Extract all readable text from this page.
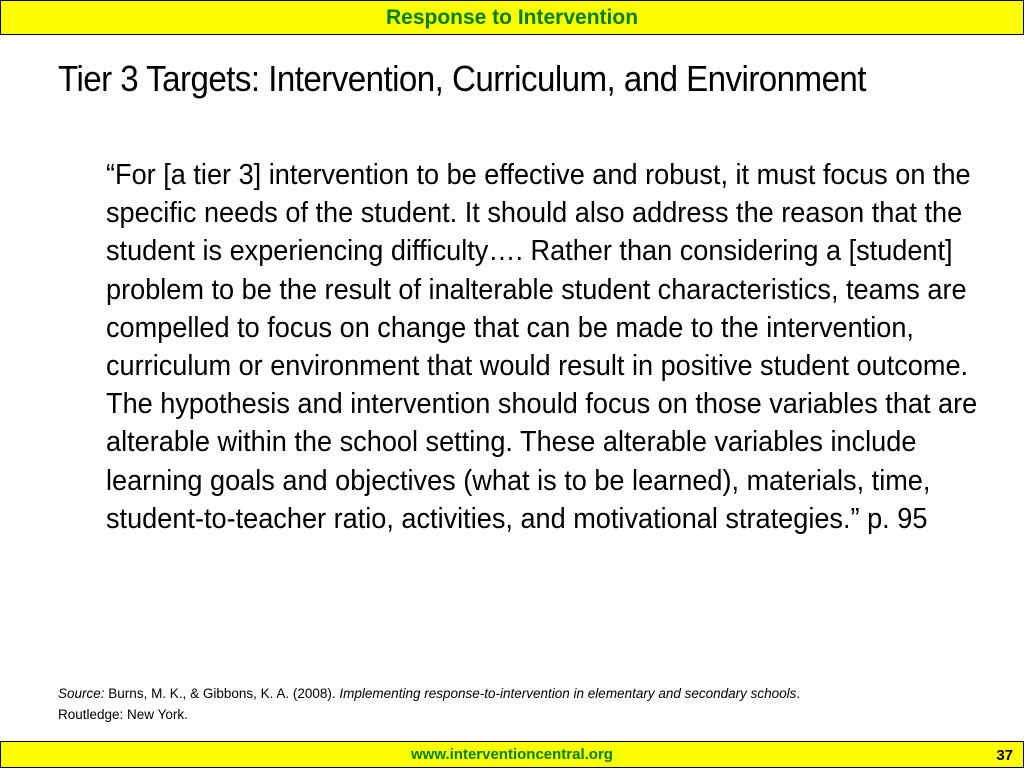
Response to Intervention
Tier 3 Targets: Intervention, Curriculum, and Environment

“For [a tier 3] intervention to be effective and robust, it must focus on the specific needs of the student. It should also address the reason that the student is experiencing difficulty…. Rather than considering a [student] problem to be the result of inalterable student characteristics, teams are compelled to focus on change that can be made to the intervention, curriculum or environment that would result in positive student outcome. The hypothesis and intervention should focus on those variables that are alterable within the school setting. These alterable variables include learning goals and objectives (what is to be learned), materials, time, student-to-teacher ratio, activities, and motivational strategies.” p. 95

Source: Burns, M. K., & Gibbons, K. A. (2008). Implementing response-to-intervention in elementary and secondary schools.
Routledge: New York.

www.interventioncentral.org	37
